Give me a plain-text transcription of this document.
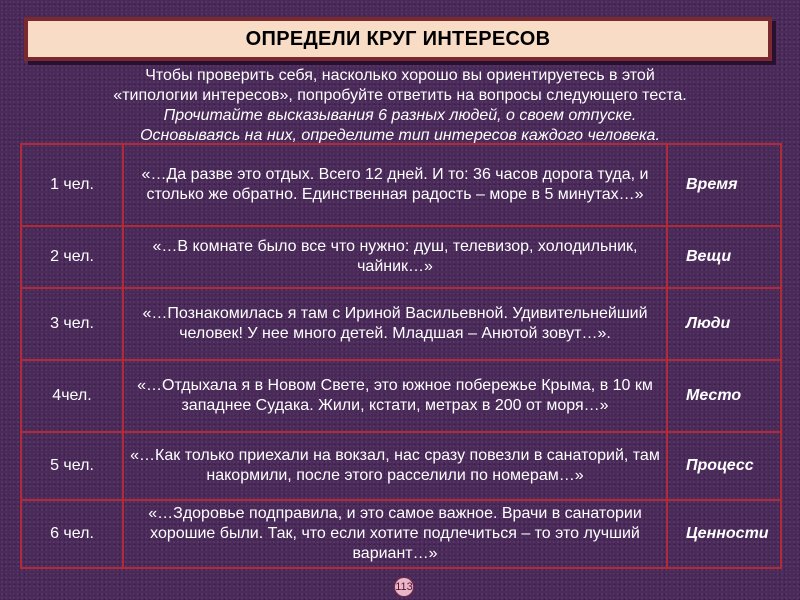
ОПРЕДЕЛИ КРУГ ИНТЕРЕСОВ
Чтобы проверить себя, насколько хорошо вы ориентируетесь в этой
«типологии интересов», попробуйте ответить на вопросы следующего теста.
Прочитайте высказывания 6 разных людей, о своем отпуске.
Основываясь на них, определите тип интересов каждого человека.
1 чел.	«…Да разве это отдых. Всего 12 дней. И то: 36 часов дорога туда, и столько же обратно. Единственная радость – море в 5 минутах…»	Время
2 чел.	«…В комнате было все что нужно: душ, телевизор, холодильник, чайник…»	Вещи
3 чел.	«…Познакомилась я там с Ириной Васильевной. Удивительнейший человек! У нее много детей. Младшая – Анютой зовут…».	Люди
4чел.	«…Отдыхала я в Новом Свете, это южное побережье Крыма, в 10 км западнее Судака. Жили, кстати, метрах в 200 от моря…»	Место
5 чел.	«…Как только приехали на вокзал, нас сразу повезли в санаторий, там накормили, после этого расселили по номерам…»	Процесс
6 чел.	«…Здоровье подправила, и это самое важное. Врачи в санатории хорошие были. Так, что если хотите подлечиться – то это лучший вариант…»	Ценности
113
